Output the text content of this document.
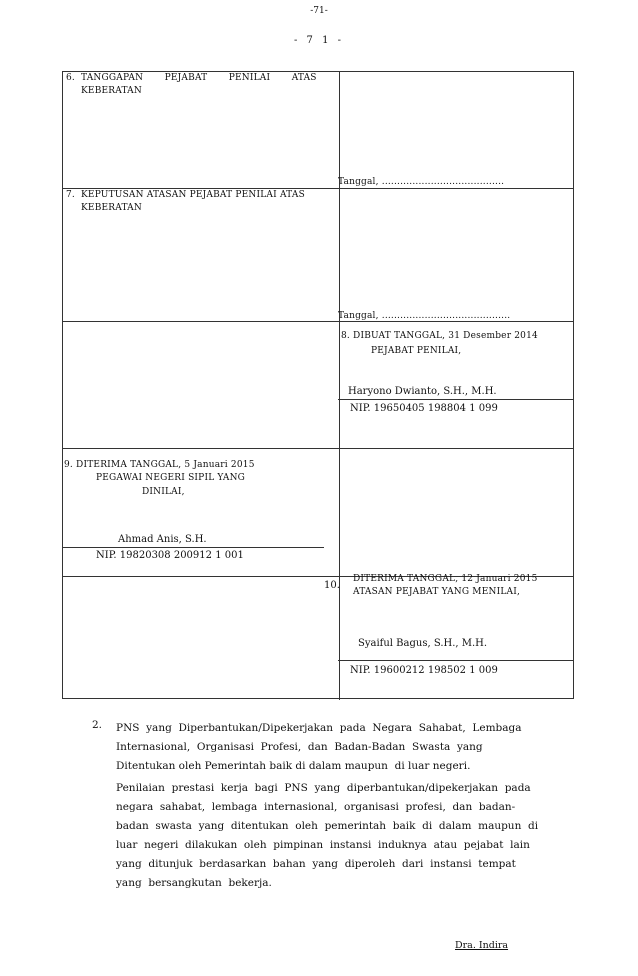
-71-
- 7 1 -
6. TANGGAPAN       PEJABAT       PENILAI       ATAS
KEBERATAN
Tanggal, ........................................
7. KEPUTUSAN ATASAN PEJABAT PENILAI ATAS
KEBERATAN
Tanggal, ..........................................
8. DIBUAT TANGGAL, 31 Desember 2014
PEJABAT PENILAI,
Haryono Dwianto, S.H., M.H.
NIP. 19650405 198804 1 099
9. DITERIMA TANGGAL, 5 Januari 2015
PEGAWAI NEGERI SIPIL YANG
DINILAI,
Ahmad Anis, S.H.
NIP. 19820308 200912 1 001
10.
DITERIMA TANGGAL, 12 Januari 2015
ATASAN PEJABAT YANG MENILAI,
Syaiful Bagus, S.H., M.H.
NIP. 19600212 198502 1 009
2. PNS  yang  Diperbantukan/Dipekerjakan  pada  Negara  Sahabat,  Lembaga
Internasional,  Organisasi  Profesi,  dan  Badan-Badan  Swasta  yang
Ditentukan oleh Pemerintah baik di dalam maupun  di luar negeri.
Penilaian  prestasi  kerja  bagi  PNS  yang  diperbantukan/dipekerjakan  pada
negara  sahabat,  lembaga  internasional,  organisasi  profesi,  dan  badan-
badan  swasta  yang  ditentukan  oleh  pemerintah  baik  di  dalam  maupun  di
luar  negeri  dilakukan  oleh  pimpinan  instansi  induknya  atau  pejabat  lain
yang  ditunjuk  berdasarkan  bahan  yang  diperoleh  dari  instansi  tempat
yang  bersangkutan  bekerja.
Dra. Indira
